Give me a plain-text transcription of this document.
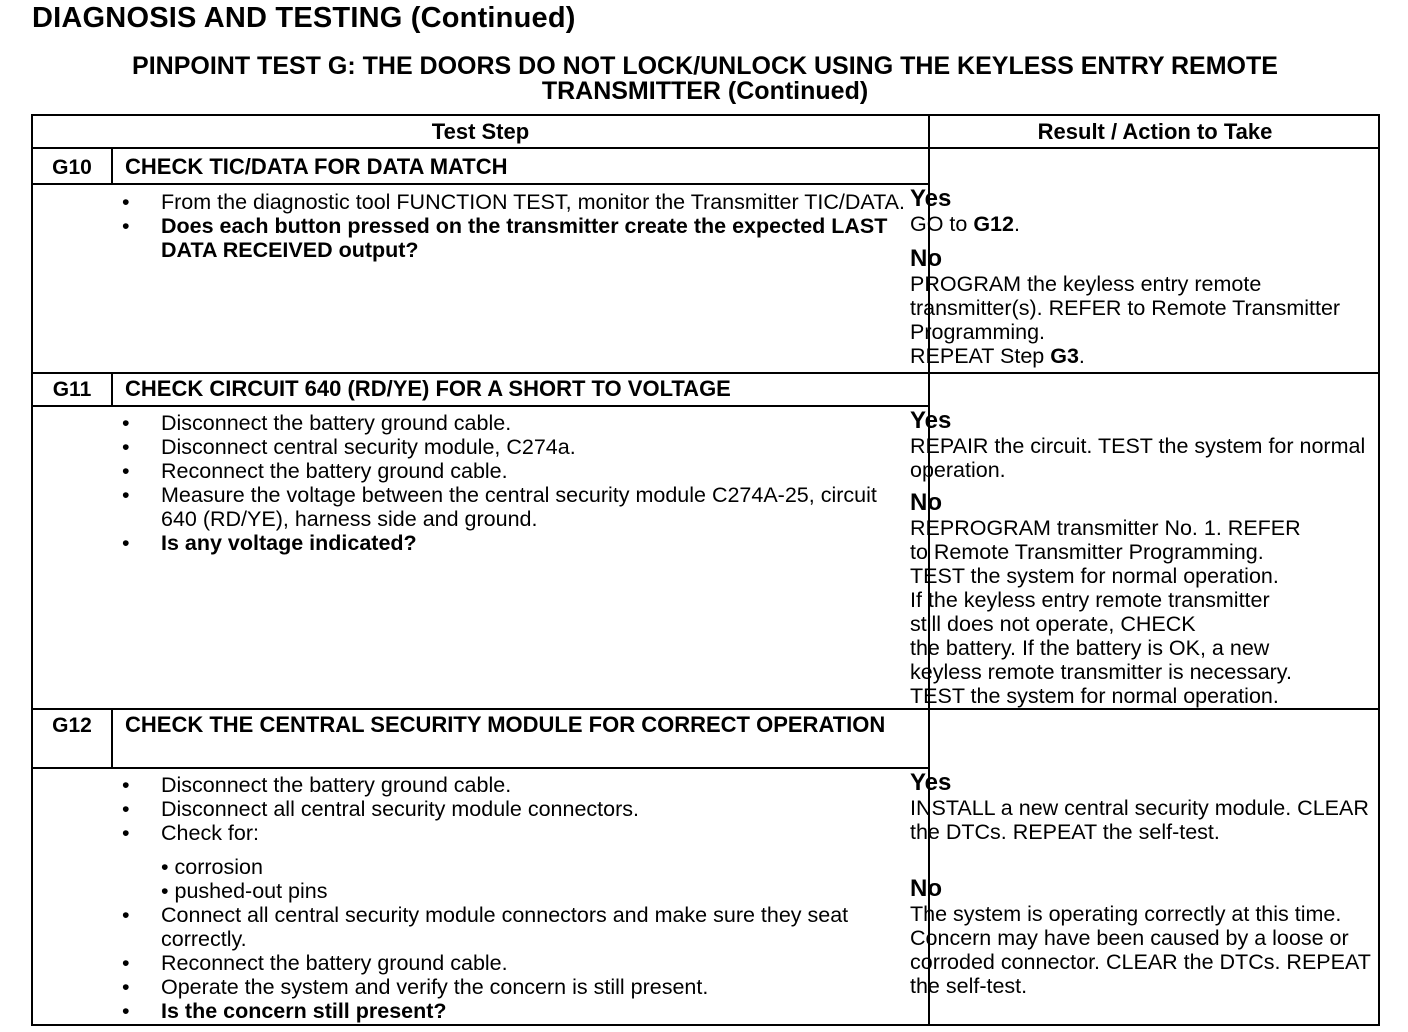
DIAGNOSIS AND TESTING (Continued)
PINPOINT TEST G: THE DOORS DO NOT LOCK/UNLOCK USING THE KEYLESS ENTRY REMOTE
TRANSMITTER (Continued)
Test Step	Result / Action to Take
G10	CHECK TIC/DATA FOR DATA MATCH
• From the diagnostic tool FUNCTION TEST, monitor the Transmitter TIC/DATA.
• Does each button pressed on the transmitter create the expected LAST DATA RECEIVED output?
Yes
GO to G12.
No
PROGRAM the keyless entry remote transmitter(s). REFER to Remote Transmitter Programming.
REPEAT Step G3.
G11	CHECK CIRCUIT 640 (RD/YE) FOR A SHORT TO VOLTAGE
• Disconnect the battery ground cable.
• Disconnect central security module, C274a.
• Reconnect the battery ground cable.
• Measure the voltage between the central security module C274A-25, circuit 640 (RD/YE), harness side and ground.
• Is any voltage indicated?
Yes
REPAIR the circuit. TEST the system for normal operation.
No
REPROGRAM transmitter No. 1. REFER
to Remote Transmitter Programming.
TEST the system for normal operation.
If the keyless entry remote transmitter
still does not operate, CHECK
the battery. If the battery is OK, a new
keyless remote transmitter is necessary.
TEST the system for normal operation.
G12	CHECK THE CENTRAL SECURITY MODULE FOR CORRECT OPERATION
• Disconnect the battery ground cable.
• Disconnect all central security module connectors.
• Check for:
• corrosion
• pushed-out pins
• Connect all central security module connectors and make sure they seat correctly.
• Reconnect the battery ground cable.
• Operate the system and verify the concern is still present.
• Is the concern still present?
Yes
INSTALL a new central security module. CLEAR the DTCs. REPEAT the self-test.
No
The system is operating correctly at this time. Concern may have been caused by a loose or corroded connector. CLEAR the DTCs. REPEAT the self-test.
